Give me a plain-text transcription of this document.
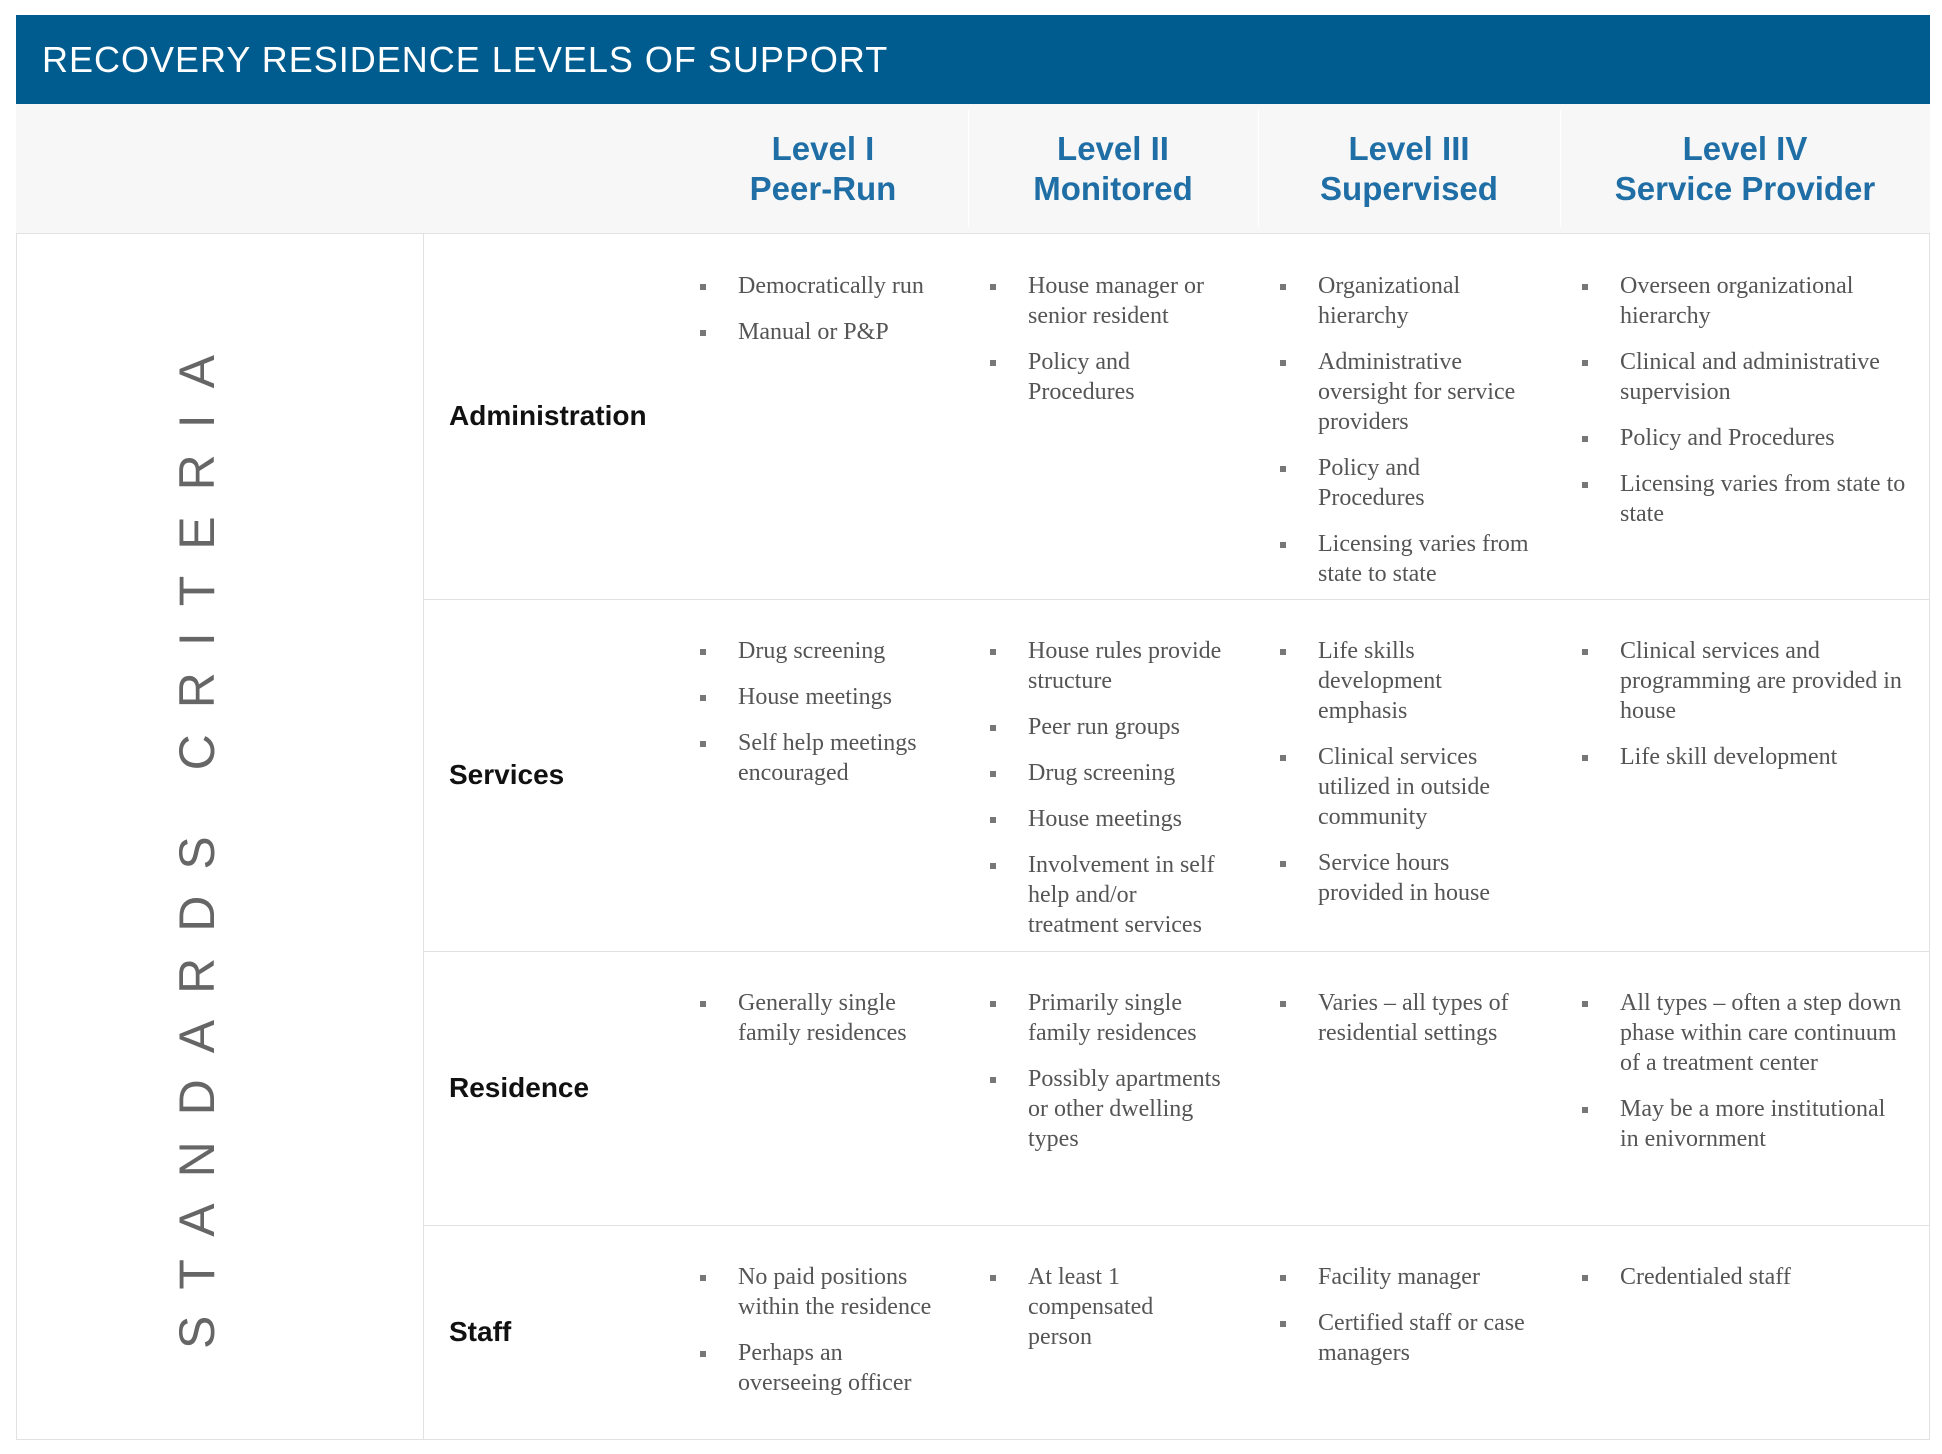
RECOVERY RESIDENCE LEVELS OF SUPPORT
Level I
Peer-Run
Level II
Monitored
Level III
Supervised
Level IV
Service Provider
STANDARDS CRITERIA	Administration
Democratically run
Manual or P&P
House manager or senior resident
Policy and Procedures
Organizational hierarchy
Administrative oversight for service providers
Policy and Procedures
Licensing varies from state to state
Overseen organizational hierarchy
Clinical and administrative supervision
Policy and Procedures
Licensing varies from state to state
Services
Drug screening
House meetings
Self help meetings encouraged
House rules provide structure
Peer run groups
Drug screening
House meetings
Involvement in self help and/or treatment services
Life skills development emphasis
Clinical services utilized in outside community
Service hours provided in house
Clinical services and programming are provided in house
Life skill development
Residence
Generally single family residences
Primarily single family residences
Possibly apartments or other dwelling types
Varies – all types of residential settings
All types – often a step down phase within care continuum of a treatment center
May be a more institutional in enivornment
Staff
No paid positions within the residence
Perhaps an overseeing officer
At least 1 compensated person
Facility manager
Certified staff or case managers
Credentialed staff
